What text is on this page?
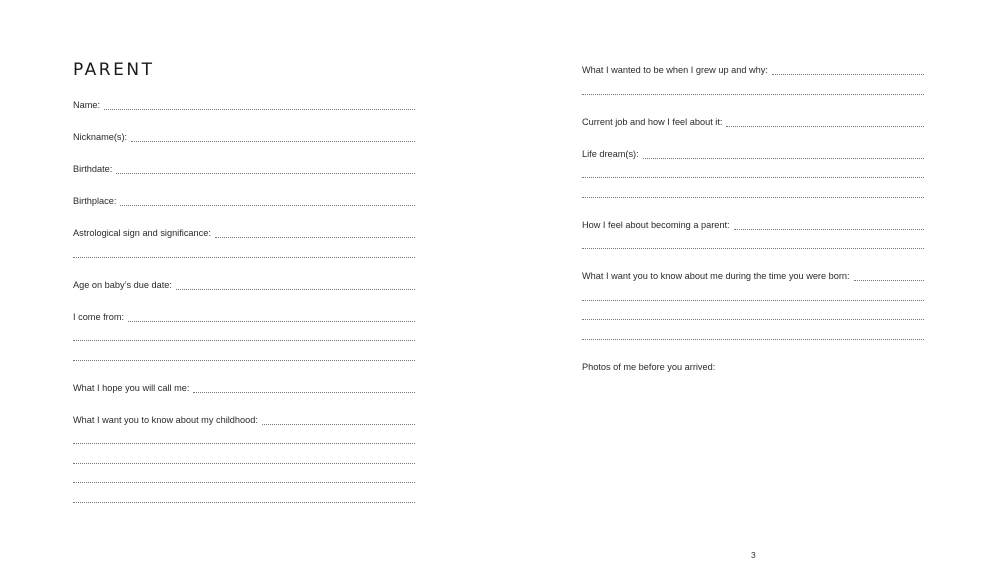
PARENT
Name:
Nickname(s):
Birthdate:
Birthplace:
Astrological sign and significance:
Age on baby’s due date:
I come from:
What I hope you will call me:
What I want you to know about my childhood:
What I wanted to be when I grew up and why:
Current job and how I feel about it:
Life dream(s):
How I feel about becoming a parent:
What I want you to know about me during the time you were born:
Photos of me before you arrived:
3
